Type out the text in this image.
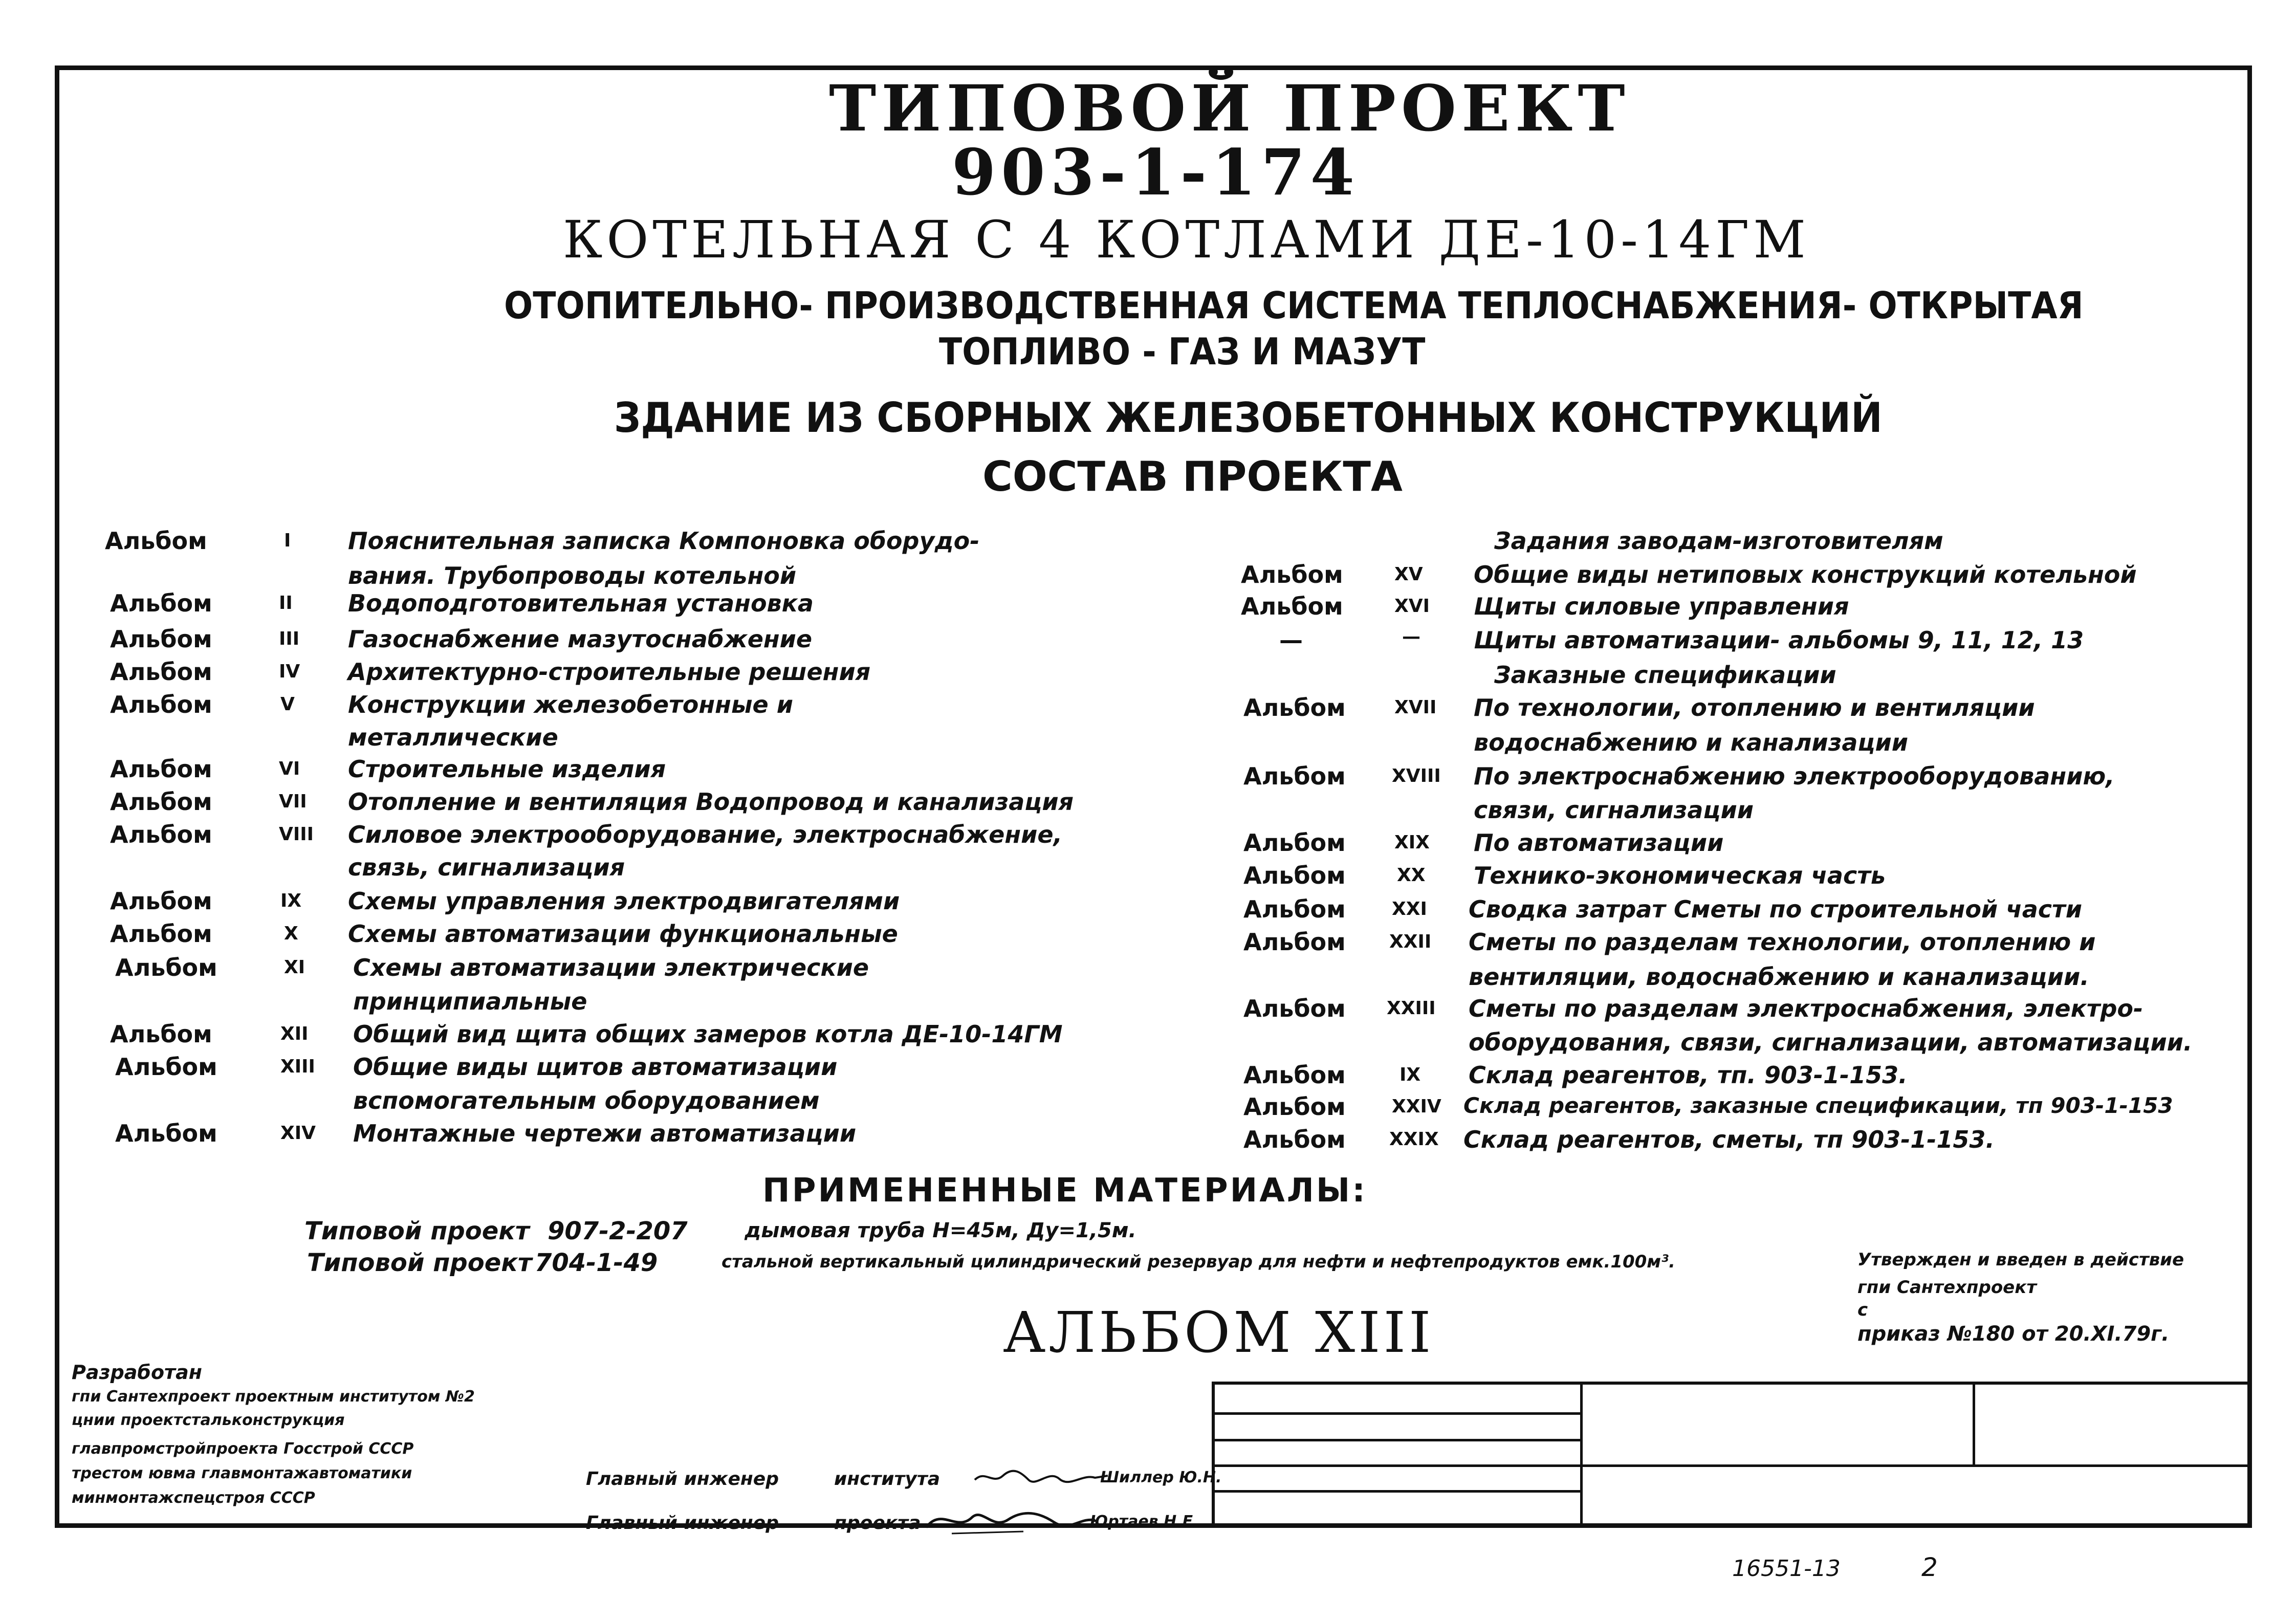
ТИПОВОЙ ПРОЕКТ
903-1-174
КОТЕЛЬНАЯ С 4 КОТЛАМИ ДЕ-10-14ГМ
ОТОПИТЕЛЬНО- ПРОИЗВОДСТВЕННАЯ СИСТЕМА ТЕПЛОСНАБЖЕНИЯ- ОТКРЫТАЯ
ТОПЛИВО - ГАЗ И МАЗУТ
ЗДАНИЕ ИЗ СБОРНЫХ ЖЕЛЕЗОБЕТОННЫХ КОНСТРУКЦИЙ
СОСТАВ ПРОЕКТА
Альбом	I Пояснительная записка Компоновка оборудо-
вания. Трубопроводы котельной
Альбом	II Водоподготовительная установка
Альбом	III Газоснабжение мазутоснабжение
Альбом	IV Архитектурно-строительные решения
Альбом	V Конструкции железобетонные и
металлические
Альбом	VI Строительные изделия
Альбом	VII Отопление и вентиляция Водопровод и канализация
Альбом	VIII Силовое электрооборудование, электроснабжение,
связь, сигнализация
Альбом	IX Схемы управления электродвигателями
Альбом	X Схемы автоматизации функциональные
Альбом	XI Схемы автоматизации электрические
принципиальные
Альбом	XII Общий вид щита общих замеров котла ДЕ-10-14ГМ
Альбом	XIII Общие виды щитов автоматизации
вспомогательным оборудованием
Альбом	XIV Монтажные чертежи автоматизации
Задания заводам-изготовителям
Альбом	XV Общие виды нетиповых конструкций котельной
Альбом	XVI Щиты силовые управления
—	— Щиты автоматизации- альбомы 9, 11, 12, 13
Заказные спецификации
Альбом	XVII По технологии, отоплению и вентиляции
водоснабжению и канализации
Альбом	XVIII По электроснабжению электрооборудованию,
связи, сигнализации
Альбом	XIX По автоматизации
Альбом	XX Технико-экономическая часть
Альбом	XXI Сводка затрат Сметы по строительной части
Альбом XXII Сметы по разделам технологии, отоплению и
вентиляции, водоснабжению и канализации.
Альбом XXIII Сметы по разделам электроснабжения, электро-
оборудования, связи, сигнализации, автоматизации.
Альбом	IX Склад реагентов, тп. 903-1-153.
Альбом	XXIV Склад реагентов, заказные спецификации, тп 903-1-153
Альбом XXIX Склад реагентов, сметы, тп 903-1-153.
ПРИМЕНЕННЫЕ МАТЕРИАЛЫ:
Типовой проект 907-2-207	дымовая труба Н=45м, Ду=1,5м.
Типовой проект 704-1-49	стальной вертикальный цилиндрический резервуар для нефти и нефтепродуктов емк.100м³.	Утвержден и введен в действие
гпи Сантехпроект
с
приказ №180 от 20.XI.79г.
АЛЬБОМ XIII
Разработан
гпи Сантехпроект проектным институтом №2
цнии проектстальконструкция
главпромстройпроекта Госстрой СССР
трестом ювма главмонтажавтоматики
минмонтажспецстроя СССР
Главный инженер	института	Шиллер Ю.Н.
Главный инженер	проекта	Юртаев Н.Е.
16551-13	2
